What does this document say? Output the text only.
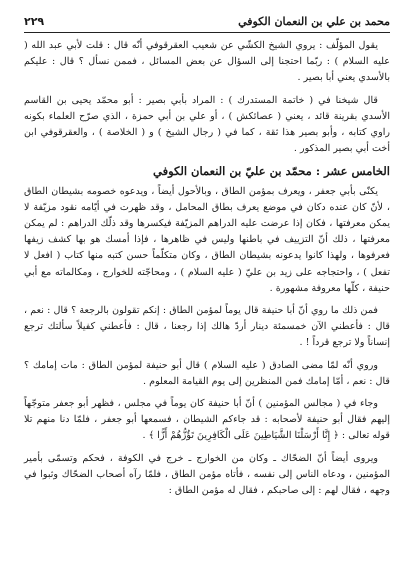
محمد بن علي بن النعمان الكوفي
٢٢٩

يقول المؤلّف : يروي الشيخ الكشّي عن شعيب العقرقوفي أنّه قال : قلت لأبي عبد الله ( عليه السلام ) : ربّما احتجنا إلى السؤال عن بعض المسائل ، فممن نسأل ؟ قال : عليكم بالأسدي يعني أبا بصير .

قال شيخنا في ( خاتمة المستدرك ) : المراد بأبي بصير : أبو محمّد يحيى بن القاسم الأسدي بقرينة قائد ، يعني ( عصائكش ) ، أو علي بن أبي حمزة ، الذي صرّح العلماء بكونه راوي كتابه ، وأبو بصير هذا ثقة ، كما في ( رجال الشيخ ) و ( الخلاصة ) ، والعقرقوفي ابن أخت أبي بصير المذكور .

الخامس عشر : محمّد بن عليّ بن النعمان الكوفي

يكنّى بأبي جعفر ، ويعرف بمؤمن الطاق ، وبالأحول أيضاً ، ويدعوه خصومه بشيطان الطاق ، لأنّ كان عنده دكان في موضع يعرف بطاق المحامل ، وقد ظهرت في أيّامه نقود مزيّفة لا يمكن معرفتها ، فكان إذا عرضت عليه الدراهم المزيّفة فيكسرها وقد ذلّك الدراهم : لم يمكن معرفتها ، ذلك أنّ التزييف في باطنها وليس في ظاهرها ، فإذا أمسك هو بها كشف زيفها فعرفوها ، ولهذا كانوا يدعونه بشيطان الطاق ، وكان متكلّماً حسن كتبه منها كتاب ( افعل لا تفعل ) ، واحتجاجه على زيد بن عليّ ( عليه السلام ) ، ومحاجّته للخوارج ، ومكالماته مع أبي حنيفة ، كلّها معروفة مشهورة .

فمن ذلك ما روي أنّ أبا حنيفة قال يوماً لمؤمن الطاق : إنكم تقولون بالرجعة ؟ قال : نعم ، قال : فأعطني الآن خمسمئة دينار أردّ هالك إذا رجعنا ، قال : فأعطني كفيلاً سألتك ترجع إنساناً ولا ترجع قرداً ! .

وروي أنّه لمّا مضى الصادق ( عليه السلام ) قال أبو حنيفة لمؤمن الطاق : مات إمامك ؟ قال : نعم ، أمّا إمامك فمن المنظرين إلى يوم القيامة المعلوم .

وجاء في ( مجالس المؤمنين ) أنّ أبا حنيفة كان يوماً في مجلس ، فظهر أبو جعفر متوجّهاً إليهم فقال أبو حنيفة لأصحابه : قد جاءكم الشيطان ، فسمعها أبو جعفر ، فلمّا دنا منهم تلا قوله تعالى : ﴿ إِنَّا أَرْسَلْنَا الشَّيَاطِينَ عَلَى الْكَافِرِينَ تَؤُزُّهُمْ أَزًّا ﴾ .

ويروى أيضاً أنّ الضحّاك ـ وكان من الخوارج ـ خرج في الكوفة ، فحكم وتسمّى بأمير المؤمنين ، ودعاه الناس إلى نفسه ، فأتاه مؤمن الطاق ، فلمّا رآه أصحاب الضحّاك وثبوا في وجهه ، فقال لهم : إلى صاحبكم ، فقال له مؤمن الطاق :
